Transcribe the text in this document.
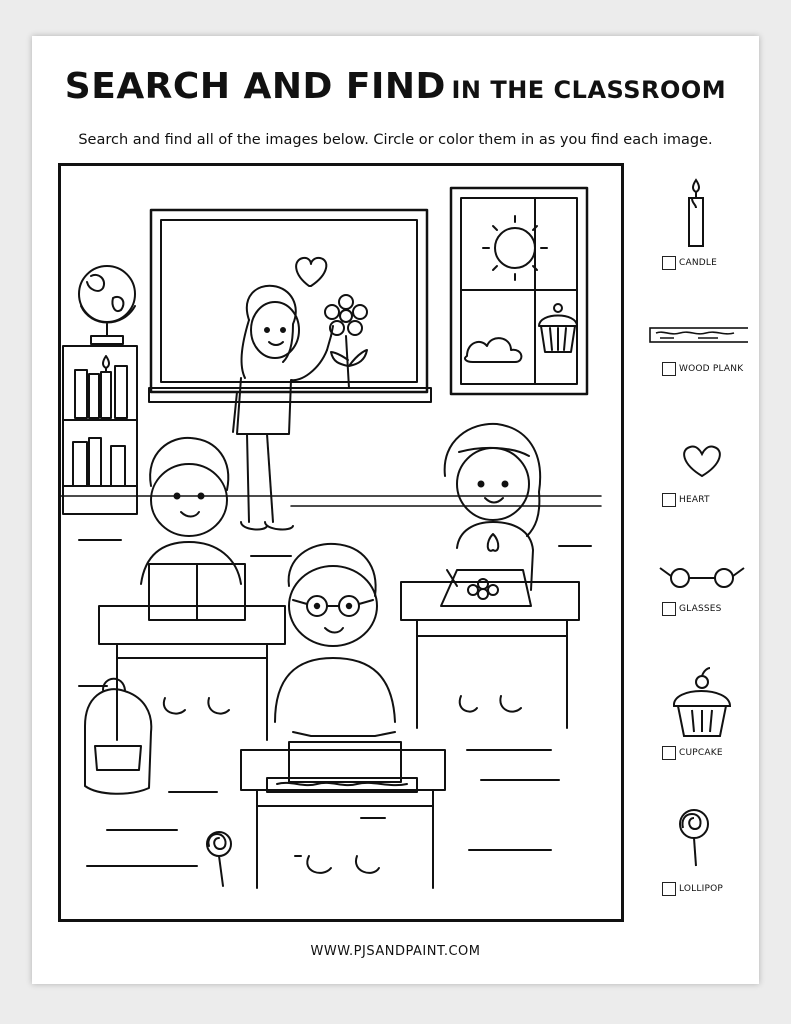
SEARCH AND FIND IN THE CLASSROOM
Search and find all of the images below. Circle or color them in as you find each image.
CANDLE
WOOD PLANK
HEART
GLASSES
CUPCAKE
LOLLIPOP
WWW.PJSANDPAINT.COM
